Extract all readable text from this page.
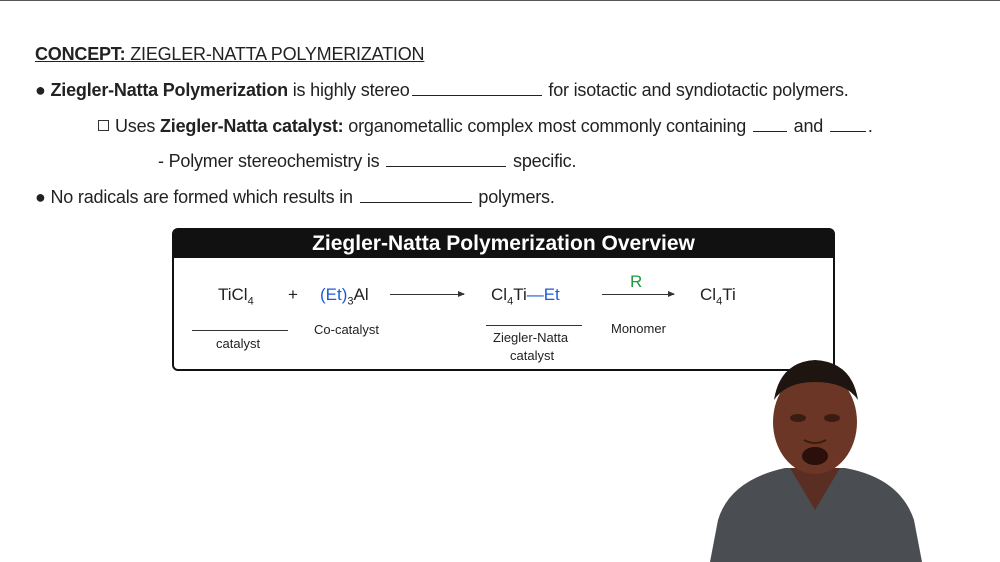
CONCEPT: ZIEGLER-NATTA POLYMERIZATION
● Ziegler-Natta Polymerization is highly stereo	for isotactic and syndiotactic polymers.
Uses Ziegler-Natta catalyst: organometallic complex most commonly containing  and .
- Polymer stereochemistry is	specific.
● No radicals are formed which results in	polymers.
Ziegler-Natta Polymerization Overview
TiCl$_4$
catalyst
+ $(Et)_3Al$
Co-catalyst
$Cl_4Ti—Et$
Ziegler-Natta
catalyst
R
Monomer
$Cl_4Ti$
